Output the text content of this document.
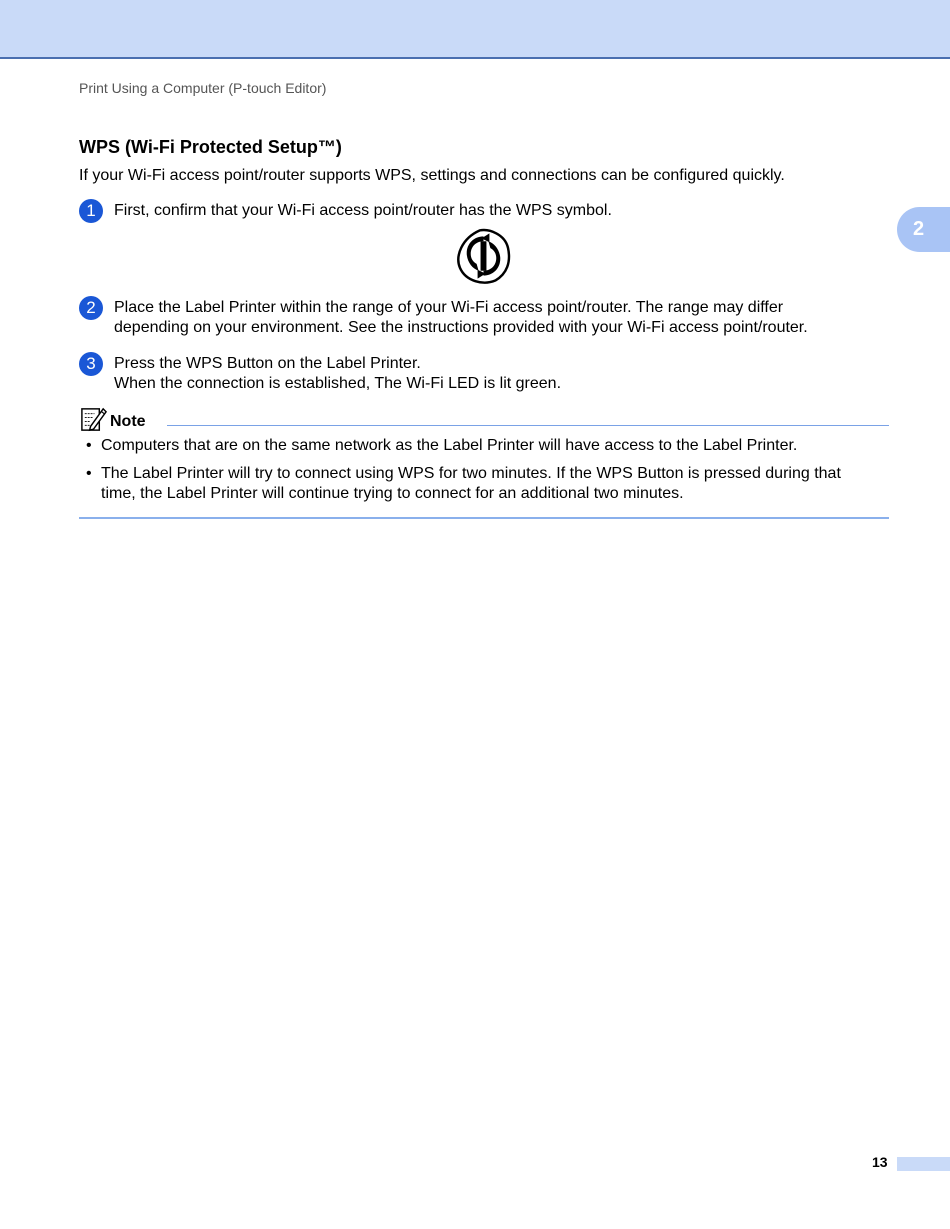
2
Print Using a Computer (P-touch Editor)
WPS (Wi-Fi Protected Setup™)
If your Wi-Fi access point/router supports WPS, settings and connections can be configured quickly.
1	First, confirm that your Wi-Fi access point/router has the WPS symbol.
2	Place the Label Printer within the range of your Wi-Fi access point/router. The range may differ
depending on your environment. See the instructions provided with your Wi-Fi access point/router.
3	Press the WPS Button on the Label Printer.
When the connection is established, The Wi-Fi LED is lit green.
Note
• Computers that are on the same network as the Label Printer will have access to the Label Printer.
• The Label Printer will try to connect using WPS for two minutes. If the WPS Button is pressed during that
time, the Label Printer will continue trying to connect for an additional two minutes.
13
